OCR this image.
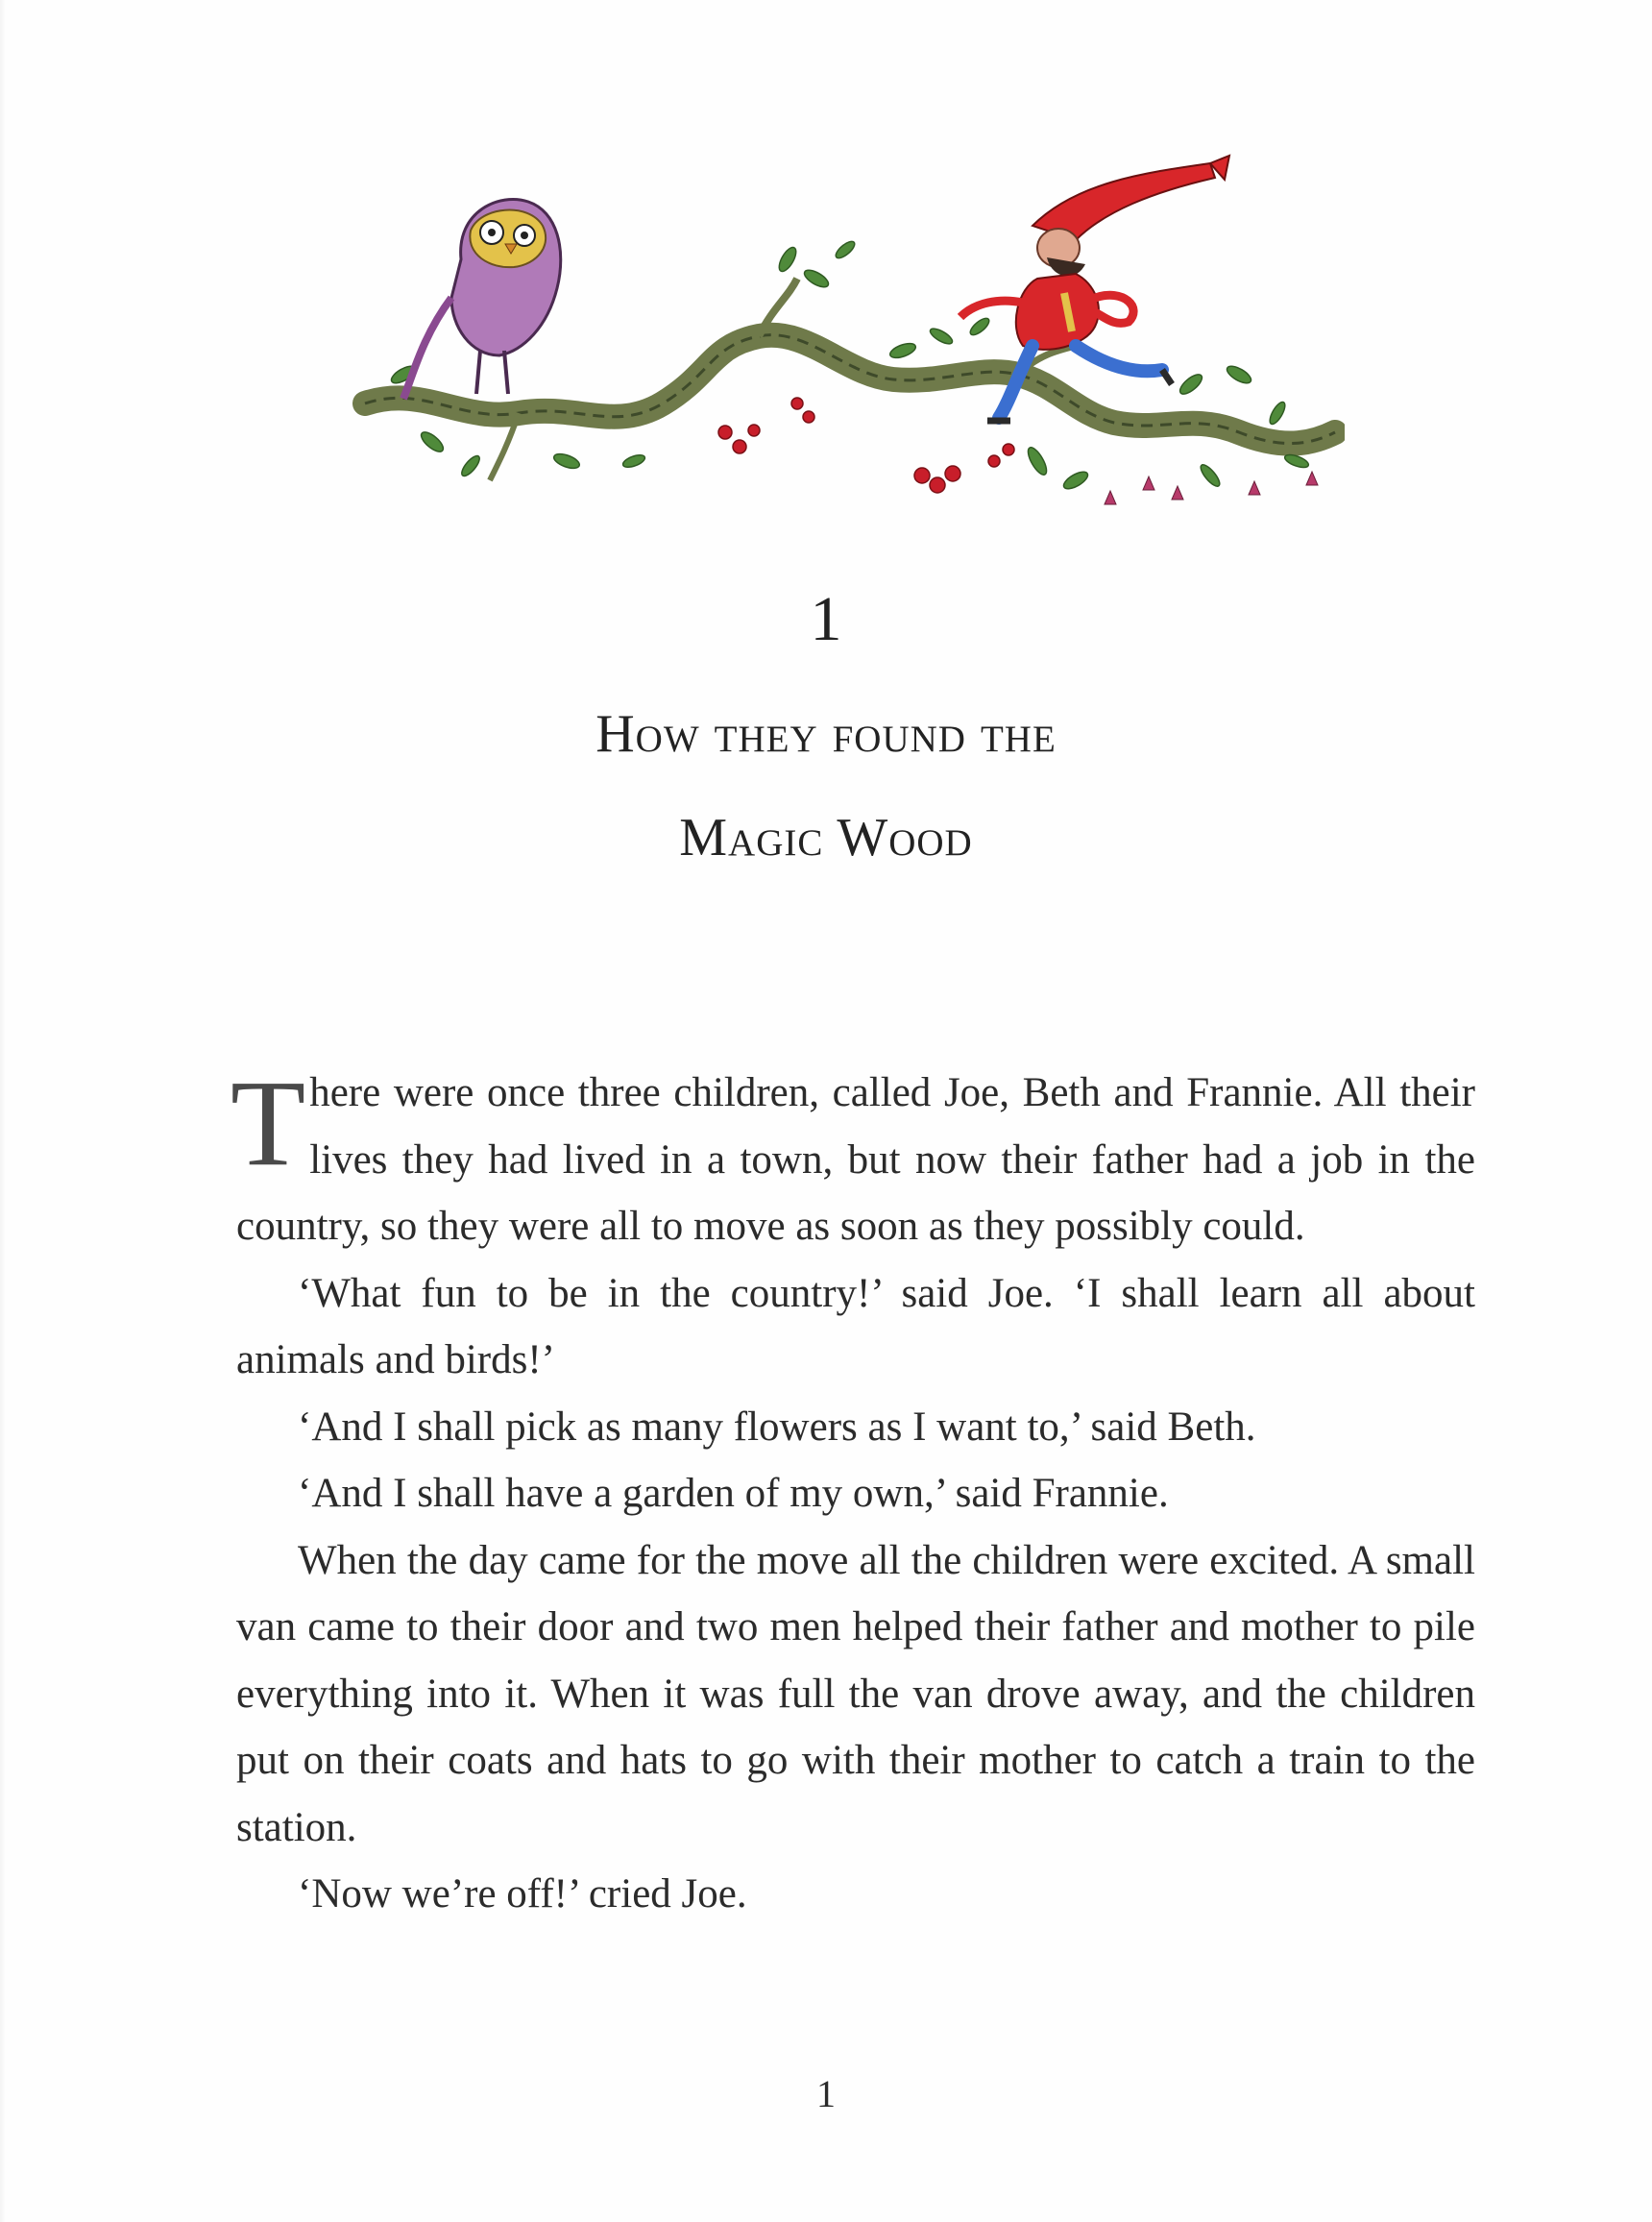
1
How they found the
Magic Wood

There were once three children, called Joe, Beth and Frannie. All their lives they had lived in a town, but now their father had a job in the country, so they were all to move as soon as they possibly could.

‘What fun to be in the country!’ said Joe. ‘I shall learn all about animals and birds!’

‘And I shall pick as many flowers as I want to,’ said Beth.

‘And I shall have a garden of my own,’ said Frannie.

When the day came for the move all the children were excited. A small van came to their door and two men helped their father and mother to pile everything into it. When it was full the van drove away, and the children put on their coats and hats to go with their mother to catch a train to the station.

‘Now we’re off!’ cried Joe.

1
